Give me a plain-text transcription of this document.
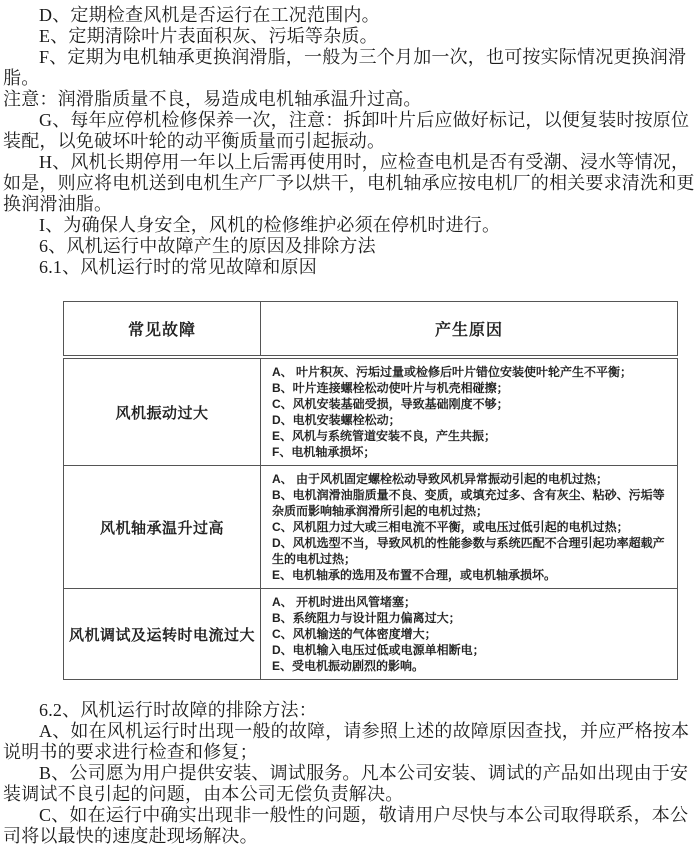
D、定期检查风机是否运行在工况范围内。

E、定期清除叶片表面积灰、污垢等杂质。

F、定期为电机轴承更换润滑脂，一般为三个月加一次，也可按实际情况更换润滑脂。

注意：润滑脂质量不良，易造成电机轴承温升过高。

G、每年应停机检修保养一次，注意：拆卸叶片后应做好标记，以便复装时按原位装配，以免破坏叶轮的动平衡质量而引起振动。

H、风机长期停用一年以上后需再使用时，应检查电机是否有受潮、浸水等情况，如是，则应将电机送到电机生产厂予以烘干，电机轴承应按电机厂的相关要求清洗和更换润滑油脂。

I、为确保人身安全，风机的检修维护必须在停机时进行。

6、风机运行中故障产生的原因及排除方法

6.1、风机运行时的常见故障和原因

常见故障	产生原因
风机振动过大	
A、 叶片积灰、污垢过量或检修后叶片错位安装使叶轮产生不平衡；
B、叶片连接螺栓松动使叶片与机壳相碰擦；
C、风机安装基础受损，导致基础刚度不够；
D、电机安装螺栓松动；
E、风机与系统管道安装不良，产生共振；
F、电机轴承损坏；

风机轴承温升过高	A、 由于风机固定螺栓松动导致风机异常振动引起的电机过热；
B、电机润滑油脂质量不良、变质，或填充过多、含有灰尘、粘砂、污垢等杂质而影响轴承润滑所引起的电机过热；
C、风机阻力过大或三相电流不平衡，或电压过低引起的电机过热；
D、风机选型不当，导致风机的性能参数与系统匹配不合理引起功率超载产生的电机过热；
E、电机轴承的选用及布置不合理，或电机轴承损坏。

风机调试及运转时电流过大	A、 开机时进出风管堵塞；
B、系统阻力与设计阻力偏离过大；
C、风机输送的气体密度增大；
D、电机输入电压过低或电源单相断电；
E、受电机振动剧烈的影响。

6.2、风机运行时故障的排除方法：

A、如在风机运行时出现一般的故障，请参照上述的故障原因查找，并应严格按本说明书的要求进行检查和修复；

B、公司愿为用户提供安装、调试服务。凡本公司安装、调试的产品如出现由于安装调试不良引起的问题，由本公司无偿负责解决。

C、如在运行中确实出现非一般性的问题，敬请用户尽快与本公司取得联系，本公司将以最快的速度赴现场解决。
